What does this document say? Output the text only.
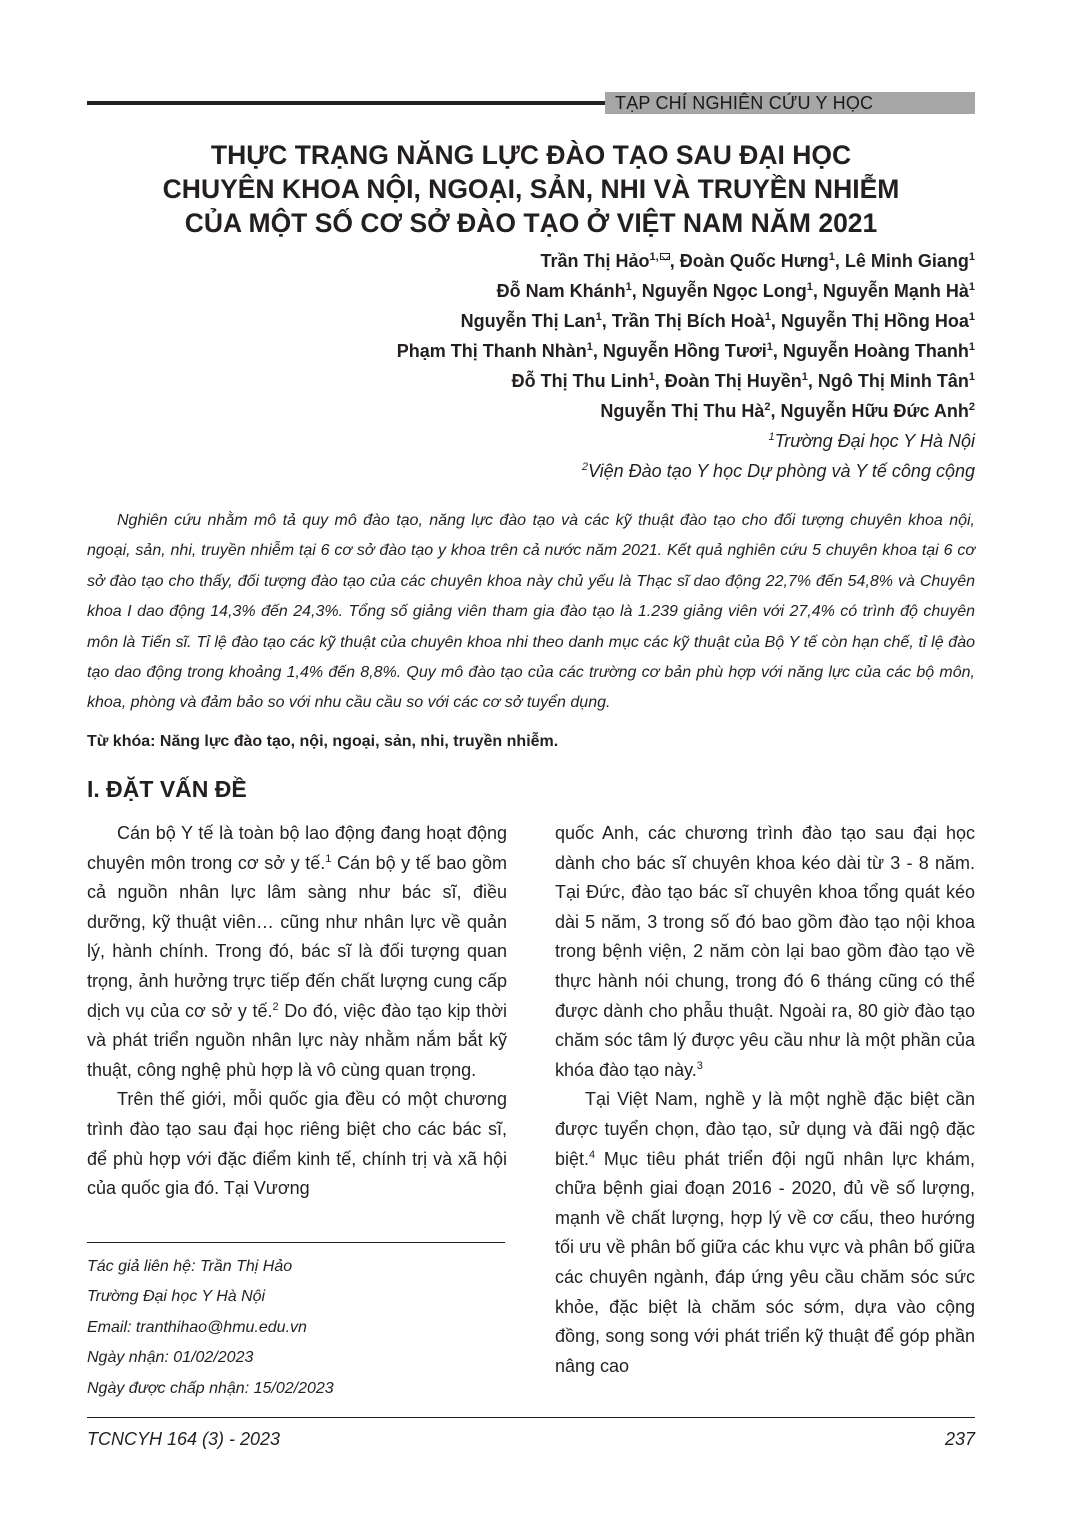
TẠP CHÍ NGHIÊN CỨU Y HỌC
THỰC TRẠNG NĂNG LỰC ĐÀO TẠO SAU ĐẠI HỌC
CHUYÊN KHOA NỘI, NGOẠI, SẢN, NHI VÀ TRUYỀN NHIỄM
CỦA MỘT SỐ CƠ SỞ ĐÀO TẠO Ở VIỆT NAM NĂM 2021
Trần Thị Hảo$^{1,}$ , Đoàn Quốc Hưng$^1$, Lê Minh Giang$^1$
Đỗ Nam Khánh$^1$, Nguyễn Ngọc Long$^1$, Nguyễn Mạnh $Hà^1$
Nguyễn Thị Lan$^1$, Trần Thị Bích Hoà$^1$, Nguyễn Thị Hồng Hoa$^1$
Phạm Thị Thanh Nhàn$^1$, Nguyễn Hồng Tươi$^1$, Nguyễn Hoàng Thanh$^1$
Đỗ Thị Thu Linh$^1$, Đoàn Thị Huyền$^1$, Ngô Thị Minh Tân$^1$
Nguyễn Thị Thu $Hà^2$, Nguyễn Hữu Đức Anh$^2$
$^1$Trường Đại học Y Hà Nội
$^2$Viện Đào tạo Y học Dự phòng và Y tế công cộng

Nghiên cứu nhằm mô tả quy mô đào tạo, năng lực đào tạo và các kỹ thuật đào tạo cho đối tượng chuyên khoa nội, ngoại, sản, nhi, truyền nhiễm tại 6 cơ sở đào tạo y khoa trên cả nước năm 2021. Kết quả nghiên cứu 5 chuyên khoa tại 6 cơ sở đào tạo cho thấy, đối tượng đào tạo của các chuyên khoa này chủ yếu là Thạc sĩ dao động 22,7% đến 54,8% và Chuyên khoa I dao động 14,3% đến 24,3%. Tổng số giảng viên tham gia đào tạo là 1.239 giảng viên với 27,4% có trình độ chuyên môn là Tiến sĩ. Tỉ lệ đào tạo các kỹ thuật của chuyên khoa nhi theo danh mục các kỹ thuật của Bộ Y tế còn hạn chế, tỉ lệ đào tạo dao động trong khoảng 1,4% đến 8,8%. Quy mô đào tạo của các trường cơ bản phù hợp với năng lực của các bộ môn, khoa, phòng và đảm bảo so với nhu cầu cầu so với các cơ sở tuyển dụng.

Từ khóa: Năng lực đào tạo, nội, ngoại, sản, nhi, truyền nhiễm.
I. ĐẶT VẤN ĐỀ

Cán bộ Y tế là toàn bộ lao động đang hoạt động chuyên môn trong cơ sở y tế.$^1$ Cán bộ y tế bao gồm cả nguồn nhân lực lâm sàng như bác sĩ, điều dưỡng, kỹ thuật viên… cũng như nhân lực về quản lý, hành chính. Trong đó, bác sĩ là đối tượng quan trọng, ảnh hưởng trực tiếp đến chất lượng cung cấp dịch vụ của cơ sở y tế.$^2$ Do đó, việc đào tạo kịp thời và phát triển nguồn nhân lực này nhằm nắm bắt kỹ thuật, công nghệ phù hợp là vô cùng quan trọng.

Trên thế giới, mỗi quốc gia đều có một chương trình đào tạo sau đại học riêng biệt cho các bác sĩ, để phù hợp với đặc điểm kinh tế, chính trị và xã hội của quốc gia đó. Tại Vương

quốc Anh, các chương trình đào tạo sau đại học dành cho bác sĩ chuyên khoa kéo dài từ 3 - 8 năm. Tại Đức, đào tạo bác sĩ chuyên khoa tổng quát kéo dài 5 năm, 3 trong số đó bao gồm đào tạo nội khoa trong bệnh viện, 2 năm còn lại bao gồm đào tạo về thực hành nói chung, trong đó 6 tháng cũng có thể được dành cho phẫu thuật. Ngoài ra, 80 giờ đào tạo chăm sóc tâm lý được yêu cầu như là một phần của khóa đào tạo này.$^3$

Tại Việt Nam, nghề y là một nghề đặc biệt cần được tuyển chọn, đào tạo, sử dụng và đãi ngộ đặc biệt.$^4$ Mục tiêu phát triển đội ngũ nhân lực khám, chữa bệnh giai đoạn 2016 - 2020, đủ về số lượng, mạnh về chất lượng, hợp lý về cơ cấu, theo hướng tối ưu về phân bố giữa các khu vực và phân bố giữa các chuyên ngành, đáp ứng yêu cầu chăm sóc sức khỏe, đặc biệt là chăm sóc sớm, dựa vào cộng đồng, song song với phát triển kỹ thuật để góp phần nâng cao

Tác giả liên hệ: Trần Thị Hảo
Trường Đại học Y Hà Nội
Email: tranthihao@hmu.edu.vn
Ngày nhận: 01/02/2023
Ngày được chấp nhận: 15/02/2023
TCNCYH 164 (3) - 2023	237
